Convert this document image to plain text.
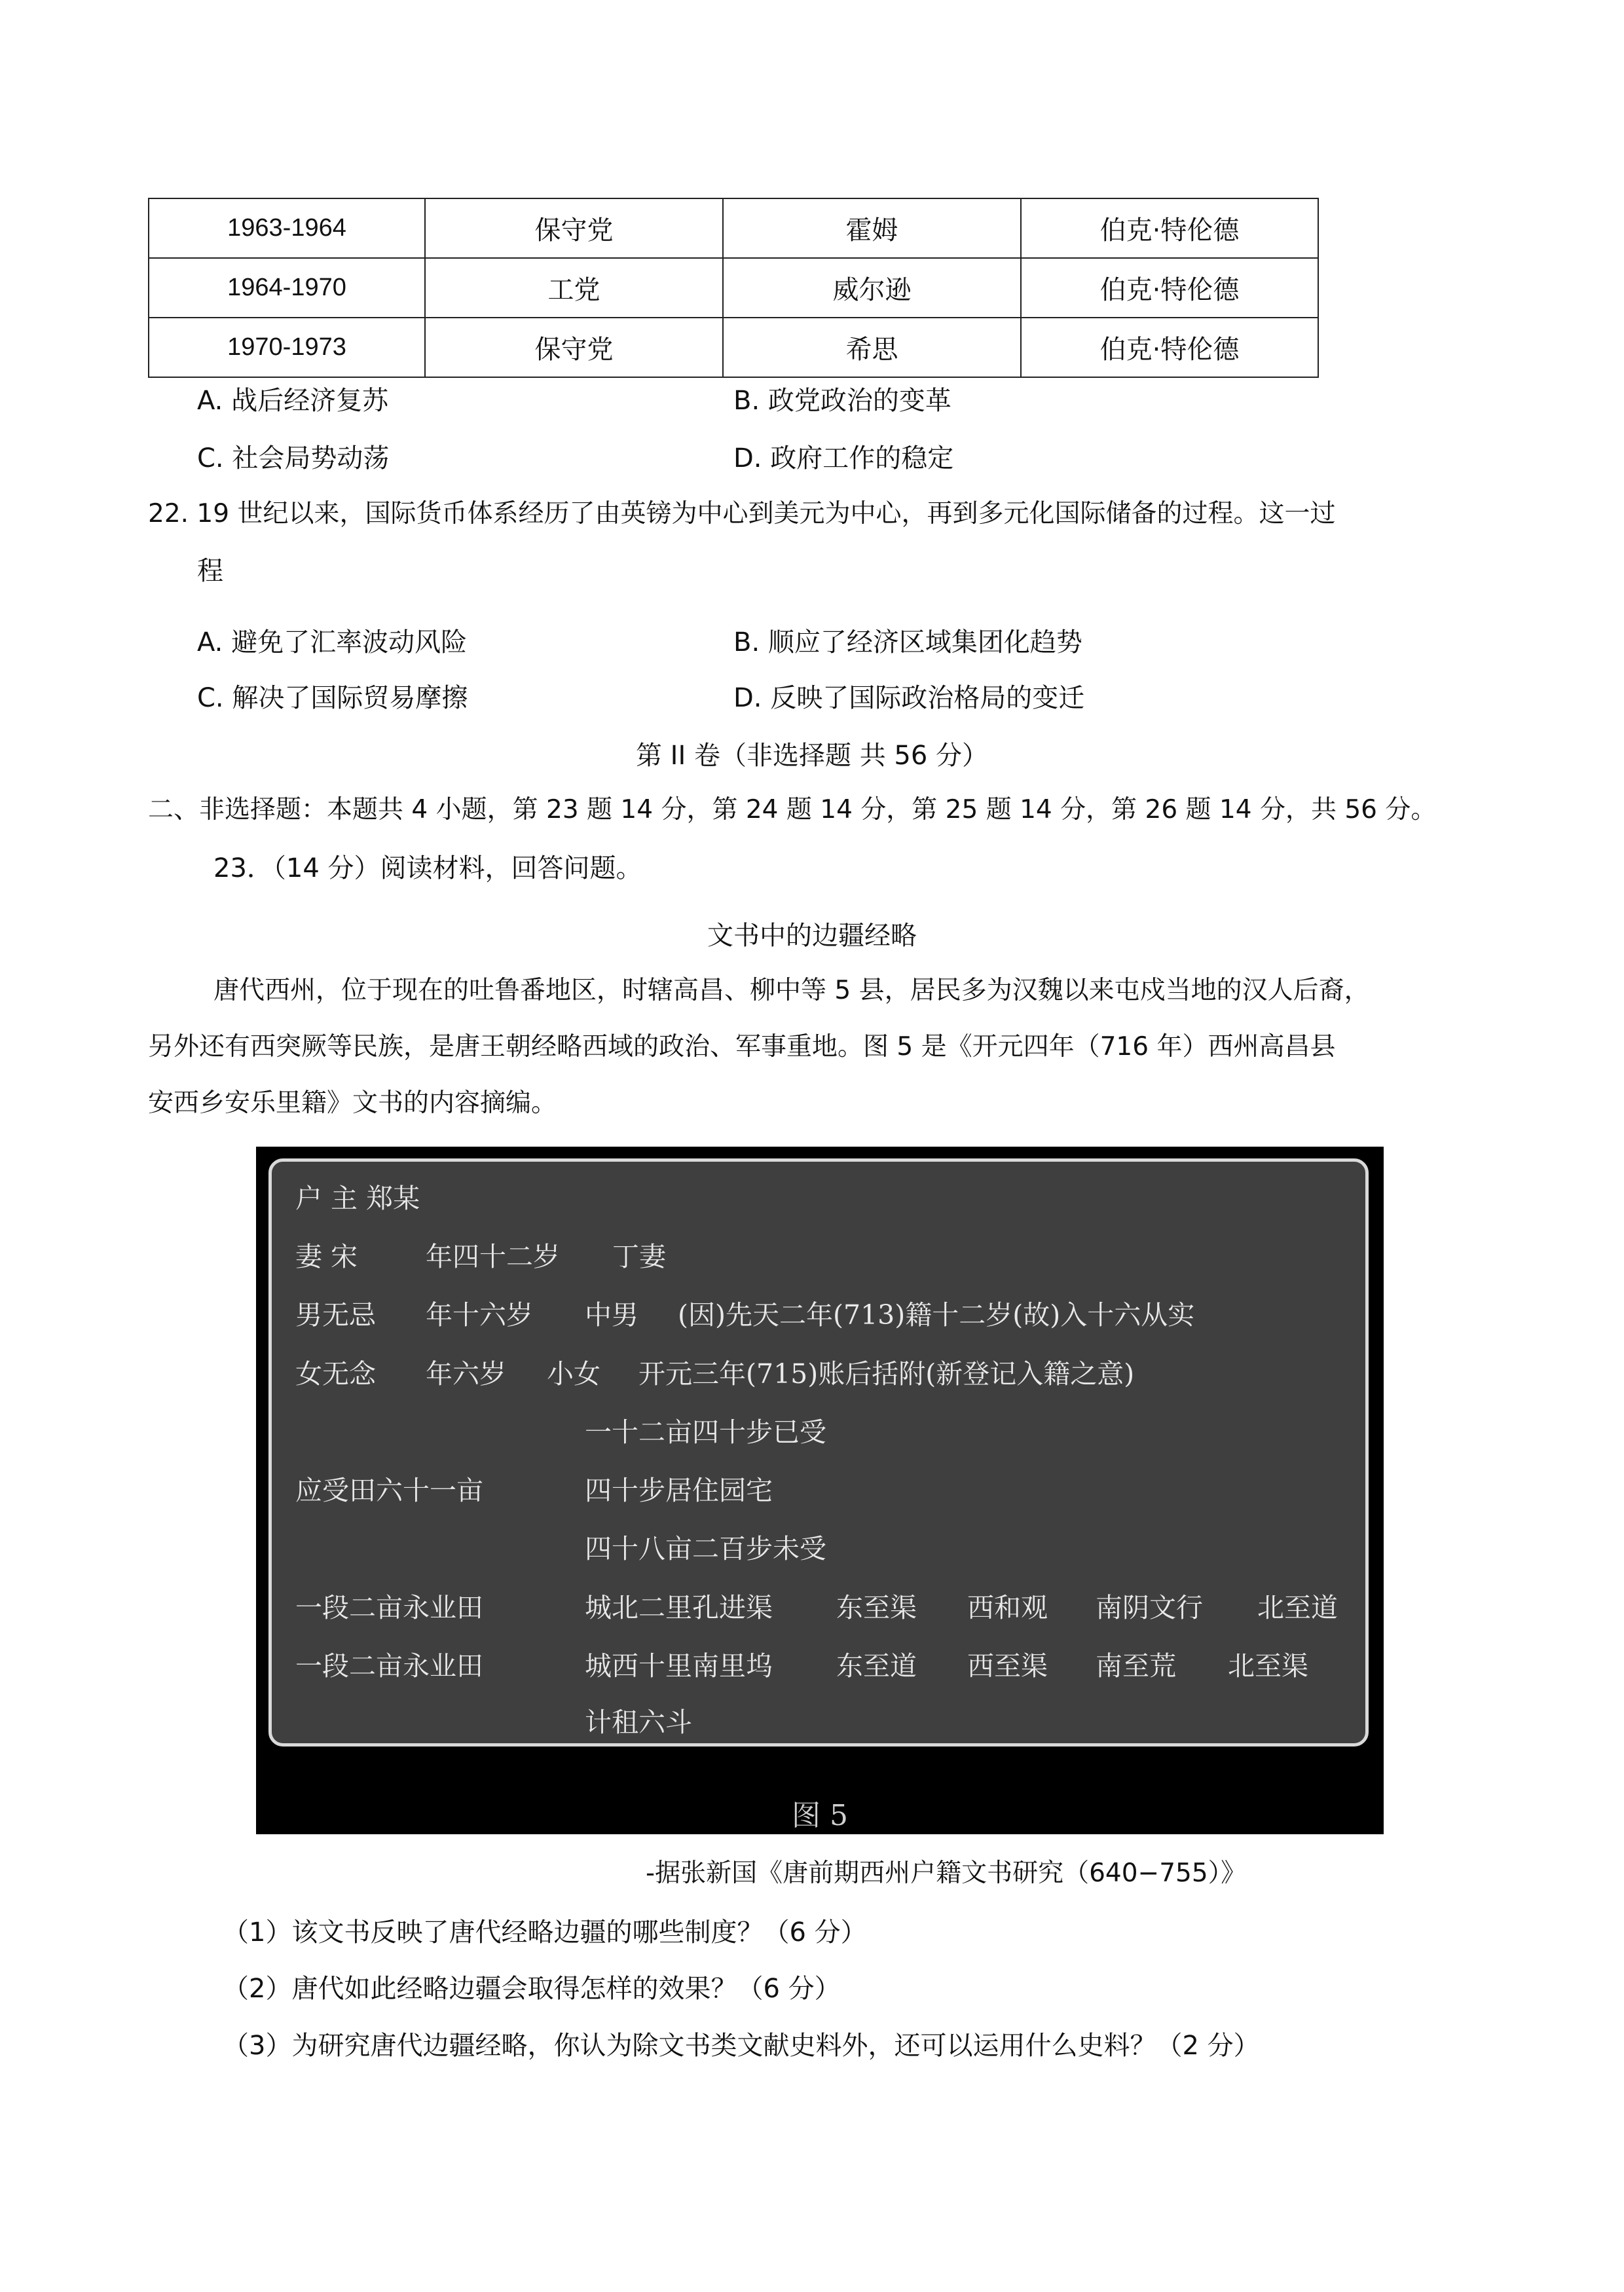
1963-1964	保守党	霍姆	伯克·特伦德
1964-1970	工党	威尔逊	伯克·特伦德
1970-1973	保守党	希思	伯克·特伦德
A. 战后经济复苏	B. 政党政治的变革
C. 社会局势动荡	D. 政府工作的稳定
22. 19 世纪以来，国际货币体系经历了由英镑为中心到美元为中心，再到多元化国际储备的过程。这一过
程
A. 避免了汇率波动风险	B. 顺应了经济区域集团化趋势
C. 解决了国际贸易摩擦	D. 反映了国际政治格局的变迁
第 II 卷（非选择题 共 56 分）
二、非选择题：本题共 4 小题，第 23 题 14 分，第 24 题 14 分，第 25 题 14 分，第 26 题 14 分，共 56 分。
23．（14 分）阅读材料，回答问题。
文书中的边疆经略
唐代西州，位于现在的吐鲁番地区，时辖高昌、柳中等 5 县，居民多为汉魏以来屯戍当地的汉人后裔，
另外还有西突厥等民族，是唐王朝经略西域的政治、军事重地。图 5 是《开元四年（716 年）西州高昌县
安西乡安乐里籍》文书的内容摘编。
户 主 郑某
妻 宋	年四十二岁 丁妻
男无忌 年十六岁 中男 (因)先天二年(713)籍十二岁(故)入十六从实
女无念 年六岁 小女 开元三年(715)账后括附(新登记入籍之意)
一十二亩四十步已受
应受田六十一亩	四十步居住园宅
四十八亩二百步未受
一段二亩永业田	城北二里孔进渠 东至渠 西和观 南阴文行 北至道
一段二亩永业田	城西十里南里坞 东至道 西至渠 南至荒 北至渠
计租六斗
图 5
-据张新国《唐前期西州户籍文书研究（640−755）》
（1）该文书反映了唐代经略边疆的哪些制度？（6 分）
（2）唐代如此经略边疆会取得怎样的效果？（6 分）
（3）为研究唐代边疆经略，你认为除文书类文献史料外，还可以运用什么史料？（2 分）
